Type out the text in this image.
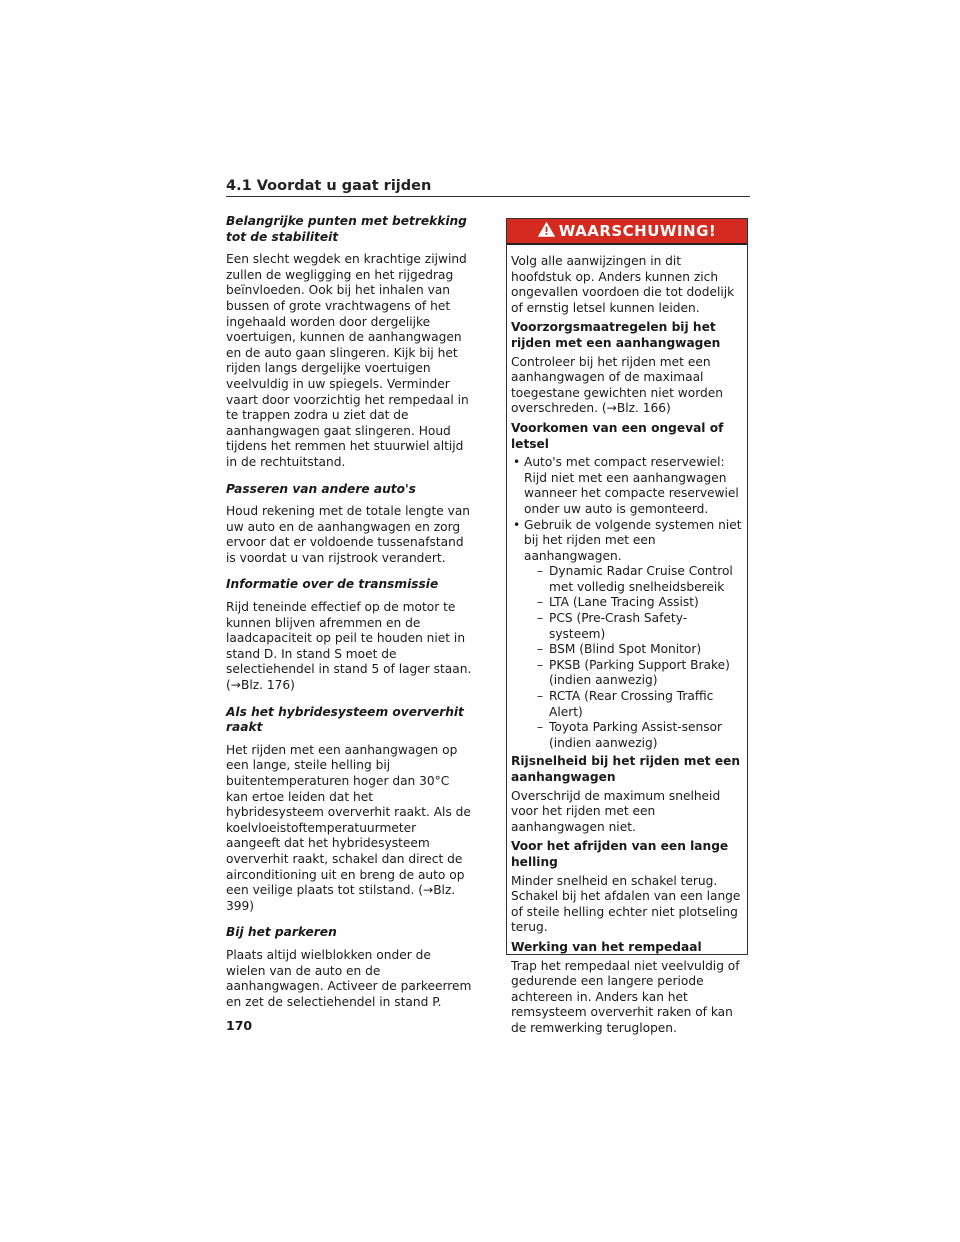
4.1 Voordat u gaat rijden

Belangrijke punten met betrekking tot de stabiliteit

Een slecht wegdek en krachtige zijwind zullen de wegligging en het rijgedrag beïnvloeden. Ook bij het inhalen van bussen of grote vrachtwagens of het ingehaald worden door dergelijke voertuigen, kunnen de aanhangwagen en de auto gaan slingeren. Kijk bij het rijden langs dergelijke voertuigen veelvuldig in uw spiegels. Verminder vaart door voorzichtig het rempedaal in te trappen zodra u ziet dat de aanhangwagen gaat slingeren. Houd tijdens het remmen het stuurwiel altijd in de rechtuitstand.

Passeren van andere auto's

Houd rekening met de totale lengte van uw auto en de aanhangwagen en zorg ervoor dat er voldoende tussenafstand is voordat u van rijstrook verandert.

Informatie over de transmissie

Rijd teneinde effectief op de motor te kunnen blijven afremmen en de laadcapaciteit op peil te houden niet in stand D. In stand S moet de selectiehendel in stand 5 of lager staan. (→Blz. 176)

Als het hybridesysteem oververhit raakt

Het rijden met een aanhangwagen op een lange, steile helling bij buitentemperaturen hoger dan 30°C kan ertoe leiden dat het hybridesysteem oververhit raakt. Als de koelvloeistoftemperatuurmeter aangeeft dat het hybridesysteem oververhit raakt, schakel dan direct de airconditioning uit en breng de auto op een veilige plaats tot stilstand. (→Blz. 399)

Bij het parkeren

Plaats altijd wielblokken onder de wielen van de auto en de aanhangwagen. Activeer de parkeerrem en zet de selectiehendel in stand P.

WAARSCHUWING!

Volg alle aanwijzingen in dit hoofdstuk op. Anders kunnen zich ongevallen voordoen die tot dodelijk of ernstig letsel kunnen leiden.

Voorzorgsmaatregelen bij het rijden met een aanhangwagen

Controleer bij het rijden met een aanhangwagen of de maximaal toegestane gewichten niet worden overschreden. (→Blz. 166)

Voorkomen van een ongeval of letsel

• Auto's met compact reservewiel: Rijd niet met een aanhangwagen wanneer het compacte reservewiel onder uw auto is gemonteerd.
• Gebruik de volgende systemen niet bij het rijden met een aanhangwagen.
– Dynamic Radar Cruise Control met volledig snelheidsbereik
– LTA (Lane Tracing Assist)
– PCS (Pre-Crash Safety-systeem)
– BSM (Blind Spot Monitor)
– PKSB (Parking Support Brake) (indien aanwezig)
– RCTA (Rear Crossing Traffic Alert)
– Toyota Parking Assist-sensor (indien aanwezig)

Rijsnelheid bij het rijden met een aanhangwagen

Overschrijd de maximum snelheid voor het rijden met een aanhangwagen niet.

Voor het afrijden van een lange helling

Minder snelheid en schakel terug. Schakel bij het afdalen van een lange of steile helling echter niet plotseling terug.

Werking van het rempedaal

Trap het rempedaal niet veelvuldig of gedurende een langere periode achtereen in. Anders kan het remsysteem oververhit raken of kan de remwerking teruglopen.

170
